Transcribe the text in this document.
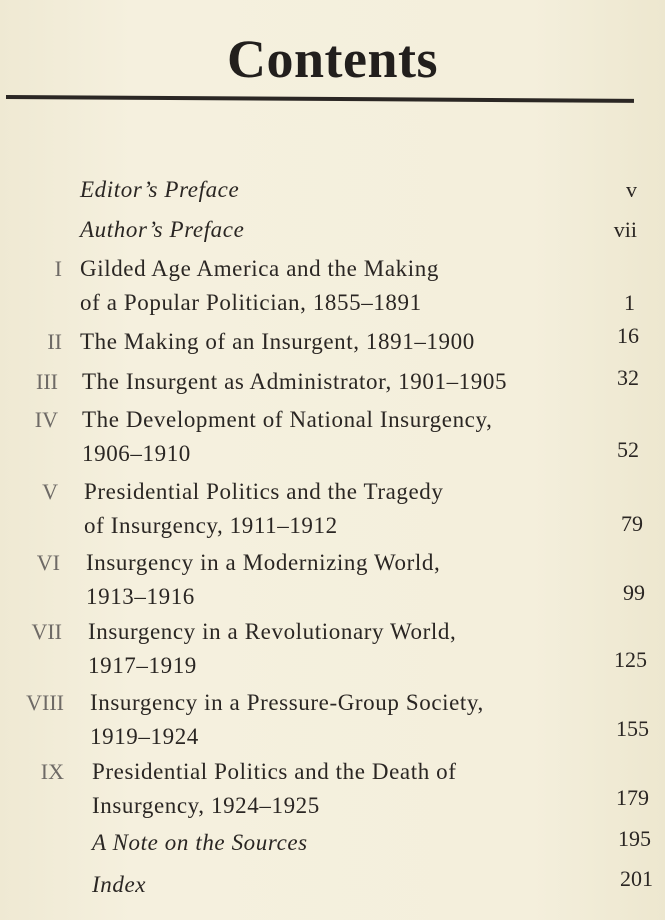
Contents
Editor’s Preface	v
Author’s Preface	vii
I Gilded Age America and the Making
of a Popular Politician, 1855–1891	1
II The Making of an Insurgent, 1891–1900	16
III The Insurgent as Administrator, 1901–1905	32
IV The Development of National Insurgency,
1906–1910	52
V Presidential Politics and the Tragedy
of Insurgency, 1911–1912	79
VI Insurgency in a Modernizing World,
1913–1916	99
VII Insurgency in a Revolutionary World,
1917–1919	125
VIII Insurgency in a Pressure-Group Society,
1919–1924	155
IX Presidential Politics and the Death of
Insurgency, 1924–1925	179
A Note on the Sources	195
Index	201
